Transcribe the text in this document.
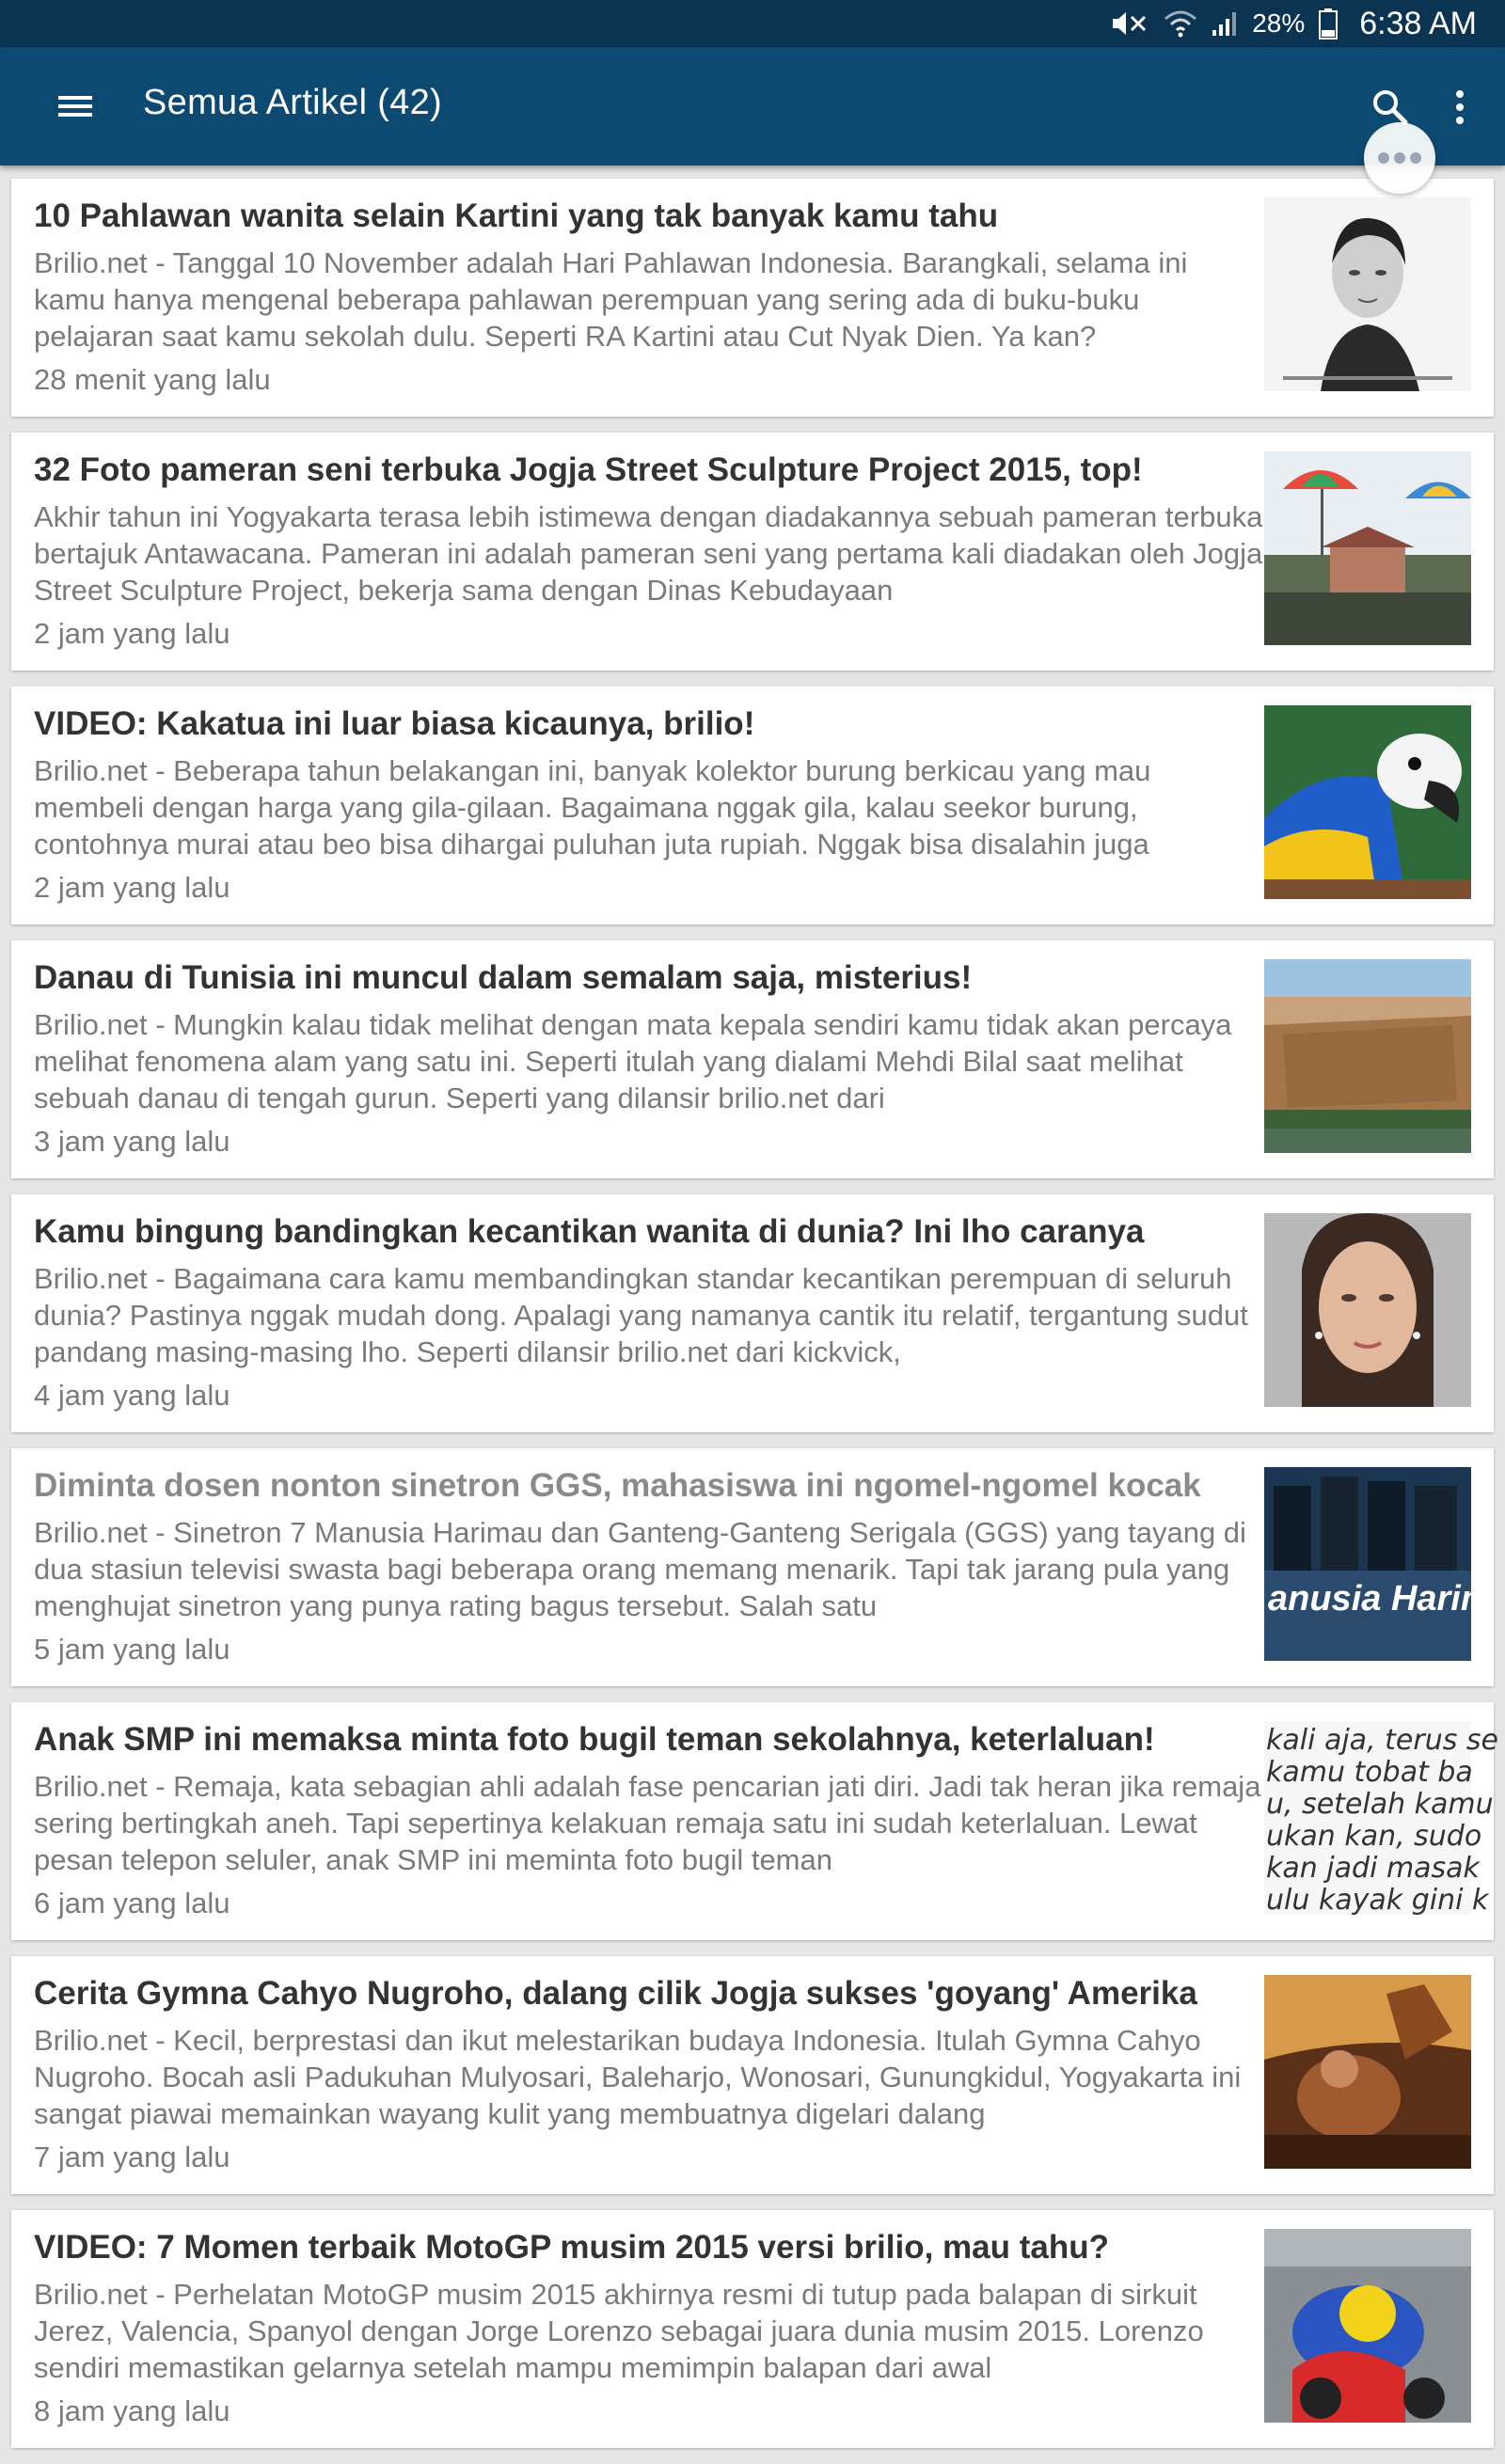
28% 6:38 AM
Semua Artikel (42)
10 Pahlawan wanita selain Kartini yang tak banyak kamu tahu
Brilio.net - Tanggal 10 November adalah Hari Pahlawan Indonesia. Barangkali, selama ini kamu hanya mengenal beberapa pahlawan perempuan yang sering ada di buku-buku pelajaran saat kamu sekolah dulu. Seperti RA Kartini atau Cut Nyak Dien. Ya kan?
28 menit yang lalu
32 Foto pameran seni terbuka Jogja Street Sculpture Project 2015, top!
Akhir tahun ini Yogyakarta terasa lebih istimewa dengan diadakannya sebuah pameran terbuka bertajuk Antawacana. Pameran ini adalah pameran seni yang pertama kali diadakan oleh Jogja Street Sculpture Project, bekerja sama dengan Dinas Kebudayaan
2 jam yang lalu
VIDEO: Kakatua ini luar biasa kicaunya, brilio!
Brilio.net - Beberapa tahun belakangan ini, banyak kolektor burung berkicau yang mau membeli dengan harga yang gila-gilaan. Bagaimana nggak gila, kalau seekor burung, contohnya murai atau beo bisa dihargai puluhan juta rupiah. Nggak bisa disalahin juga
2 jam yang lalu
Danau di Tunisia ini muncul dalam semalam saja, misterius!
Brilio.net - Mungkin kalau tidak melihat dengan mata kepala sendiri kamu tidak akan percaya melihat fenomena alam yang satu ini. Seperti itulah yang dialami Mehdi Bilal saat melihat sebuah danau di tengah gurun. Seperti yang dilansir brilio.net dari
3 jam yang lalu
Kamu bingung bandingkan kecantikan wanita di dunia? Ini lho caranya
Brilio.net - Bagaimana cara kamu membandingkan standar kecantikan perempuan di seluruh dunia? Pastinya nggak mudah dong. Apalagi yang namanya cantik itu relatif, tergantung sudut pandang masing-masing lho. Seperti dilansir brilio.net dari kickvick,
4 jam yang lalu
Diminta dosen nonton sinetron GGS, mahasiswa ini ngomel-ngomel kocak
Brilio.net - Sinetron 7 Manusia Harimau dan Ganteng-Ganteng Serigala (GGS) yang tayang di dua stasiun televisi swasta bagi beberapa orang memang menarik. Tapi tak jarang pula yang menghujat sinetron yang punya rating bagus tersebut. Salah satu
5 jam yang lalu
anusia Harim
Anak SMP ini memaksa minta foto bugil teman sekolahnya, keterlaluan!
Brilio.net - Remaja, kata sebagian ahli adalah fase pencarian jati diri. Jadi tak heran jika remaja sering bertingkah aneh. Tapi sepertinya kelakuan remaja satu ini sudah keterlaluan. Lewat pesan telepon seluler, anak SMP ini meminta foto bugil teman
6 jam yang lalu
kali aja, terus se
kamu tobat ba
u, setelah kamu
ukan kan, sudo
kan jadi masak
ulu kayak gini k
Cerita Gymna Cahyo Nugroho, dalang cilik Jogja sukses 'goyang' Amerika
Brilio.net - Kecil, berprestasi dan ikut melestarikan budaya Indonesia. Itulah Gymna Cahyo Nugroho. Bocah asli Padukuhan Mulyosari, Baleharjo, Wonosari, Gunungkidul, Yogyakarta ini sangat piawai memainkan wayang kulit yang membuatnya digelari dalang
7 jam yang lalu
VIDEO: 7 Momen terbaik MotoGP musim 2015 versi brilio, mau tahu?
Brilio.net - Perhelatan MotoGP musim 2015 akhirnya resmi di tutup pada balapan di sirkuit Jerez, Valencia, Spanyol dengan Jorge Lorenzo sebagai juara dunia musim 2015. Lorenzo sendiri memastikan gelarnya setelah mampu memimpin balapan dari awal
8 jam yang lalu
